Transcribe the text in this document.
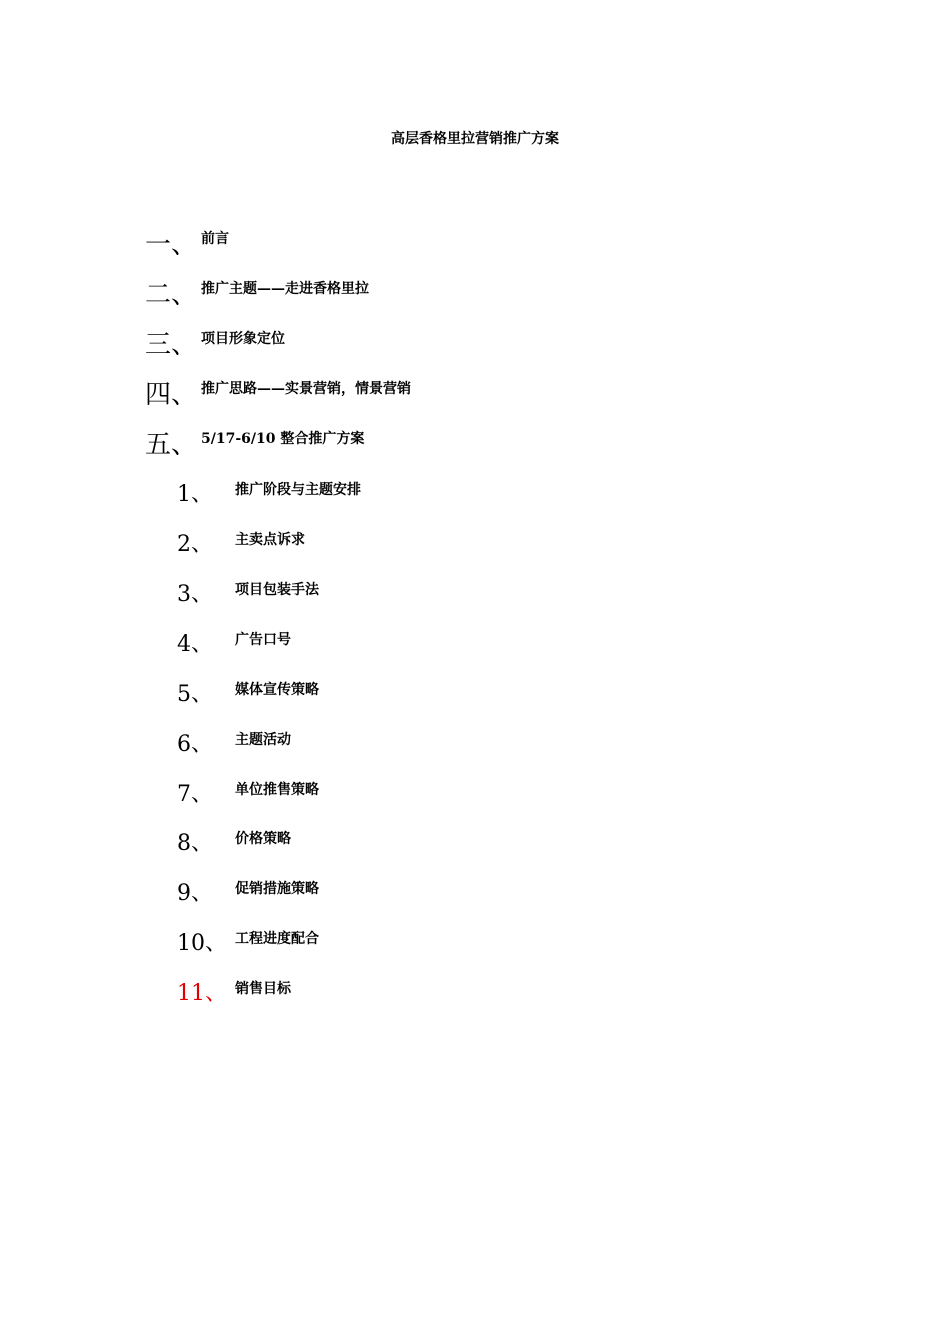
高层香格里拉营销推广方案
一、 前言
二、 推广主题——走进香格里拉
三、 项目形象定位
四、 推广思路——实景营销，情景营销
五、 5/17-6/10 整合推广方案
1、	推广阶段与主题安排
2、	主卖点诉求
3、	项目包装手法
4、	广告口号
5、	媒体宣传策略
6、	主题活动
7、	单位推售策略
8、	价格策略
9、	促销措施策略
10、 工程进度配合
11、 销售目标
